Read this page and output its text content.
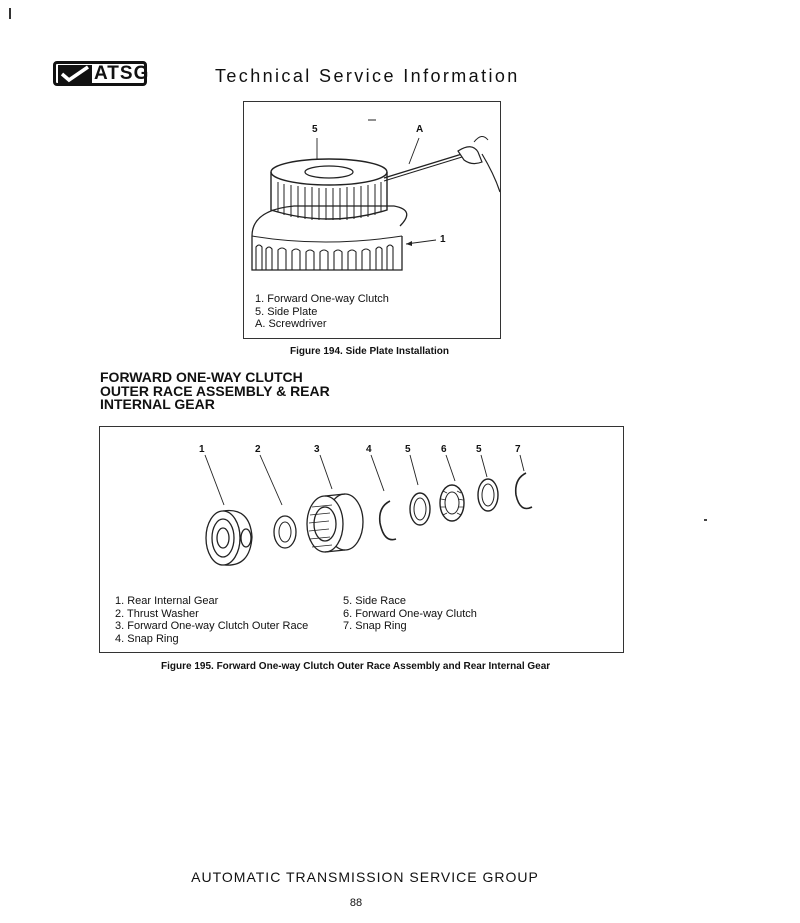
ATSG	Technical Service Information
5	A
1
1. Forward One-way Clutch
5. Side Plate
A. Screwdriver
Figure 194. Side Plate Installation
FORWARD ONE-WAY CLUTCH
OUTER RACE ASSEMBLY & REAR
INTERNAL GEAR
1	2	3	4	5	6	5	7
1. Rear Internal Gear
2. Thrust Washer
3. Forward One-way Clutch Outer Race
4. Snap Ring
5. Side Race
6. Forward One-way Clutch
7. Snap Ring
Figure 195. Forward One-way Clutch Outer Race Assembly and Rear Internal Gear
AUTOMATIC TRANSMISSION SERVICE GROUP
88
